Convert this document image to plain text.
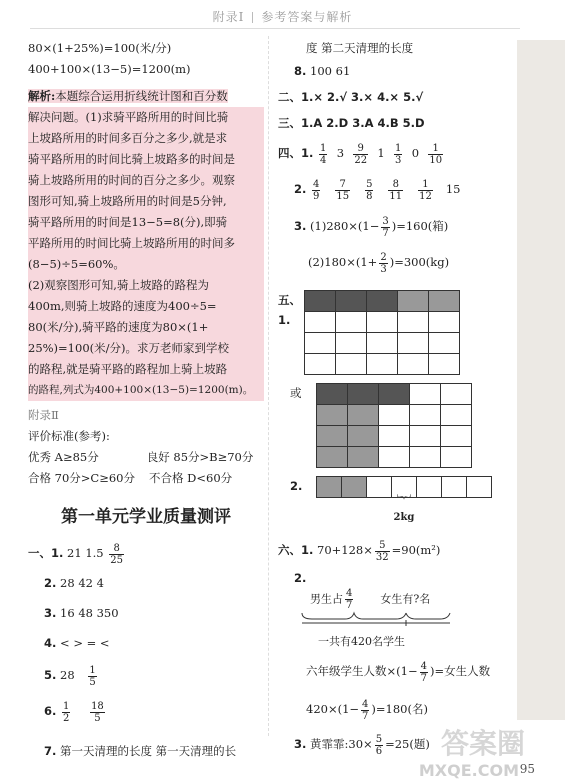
附录Ⅰ 参考答案与解析
80×(1+25%)=100(米/分)
400+100×(13−5)=1200(m)
解析:本题综合运用折线统计图和百分数
解决问题。(1)求骑平路所用的时间比骑
上坡路所用的时间多百分之多少,就是求
骑平路所用的时间比骑上坡路多的时间是
骑上坡路所用的时间的百分之多少。观察
图形可知,骑上坡路所用的时间是5分钟,
骑平路所用的时间是13−5=8(分),即骑
平路所用的时间比骑上坡路所用的时间多
(8−5)÷5=60%。
(2)观察图形可知,骑上坡路的路程为
400m,则骑上坡路的速度为400÷5=
80(米/分),骑平路的速度为80×(1+
25%)=100(米/分)。求万老师家到学校
的路程,就是骑平路的路程加上骑上坡路
的路程,列式为400+100×(13−5)=1200(m)。
附录Ⅱ
评价标准(参考):
优秀 A≥85分	良好 85分>B≥70分
合格 70分>C≥60分 不合格 D<60分
第一单元学业质量测评
一、1. 21 $1.5 \frac{8}{25}$
2. 28 42 4
3. 16 48 350
4. < > = <
5. $28 \frac{1}{5}$
6. $\frac{1}{2}$
$\frac{18}{5}$
7. 第一天清理的长度 第一天清理的长
度 第二天清理的长度
8. 100 61
二、1.× 2.√ 3.× 4.× 5.√
三、1.A 2.D 3.A 4.B 5.D
四、1. $\frac{1}{4} 3 \frac{9}{22} 1 \frac{1}{3} 0 \frac{1}{10}$
2. $\frac{4}{9}$
$\frac{7}{15}$
$\frac{5}{8}$
$\frac{8}{11}$
$\frac{1}{12} 15$
3. $(1)280\times(1- \frac{3}{7} )=160$(箱)
$(2)180\times(1+ \frac{2}{3} )=300(kg)$
五、1.

或

2.

︸
2kg
六、1. $70+128\times \frac{5}{32} =90(m^2)$
2.
男生占 $\frac{4}{7}$ 女生有?名
一共有420名学生
六年级学生人数$\times(1- \frac{4}{7}$ )=女生人数
$420\times(1- \frac{4}{7} )=180$(名)
3. 黄霏霏:30× $\frac{5}{6} =25$(题) 答案圈
MXQE.COM 95
